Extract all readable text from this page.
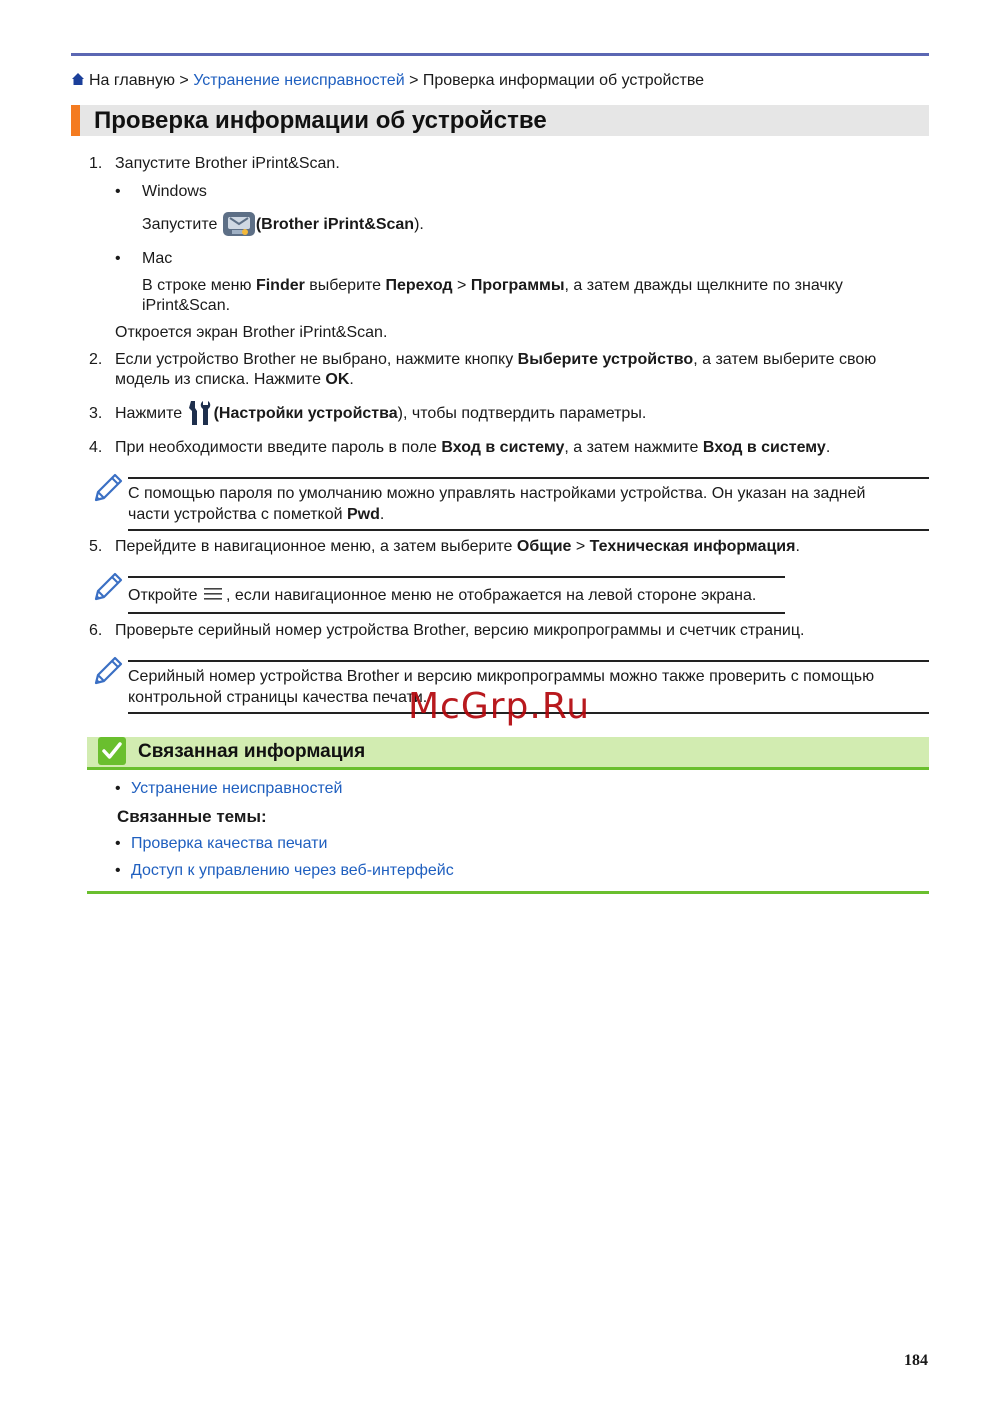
На главную > Устранение неисправностей > Проверка информации об устройстве
Проверка информации об устройстве
1. Запустите Brother iPrint&Scan.
• Windows
Запустите (Brother iPrint&Scan).
• Mac
В строке меню Finder выберите Переход > Программы, а затем дважды щелкните по значку
iPrint&Scan.
Откроется экран Brother iPrint&Scan.
2. Если устройство Brother не выбрано, нажмите кнопку Выберите устройство, а затем выберите свою
модель из списка. Нажмите OK.
3. Нажмите (Настройки устройства), чтобы подтвердить параметры.
4. При необходимости введите пароль в поле Вход в систему, а затем нажмите Вход в систему.
С помощью пароля по умолчанию можно управлять настройками устройства. Он указан на задней
части устройства с пометкой Pwd.
5. Перейдите в навигационное меню, а затем выберите Общие > Техническая информация.
Откройте , если навигационное меню не отображается на левой стороне экрана.
6. Проверьте серийный номер устройства Brother, версию микропрограммы и счетчик страниц.
Серийный номер устройства Brother и версию микропрограммы можно также проверить с помощью
контрольной страницы качества печати.
McGrp.Ru
Связанная информация
• Устранение неисправностей
Связанные темы:
• Проверка качества печати
• Доступ к управлению через веб-интерфейс
184
